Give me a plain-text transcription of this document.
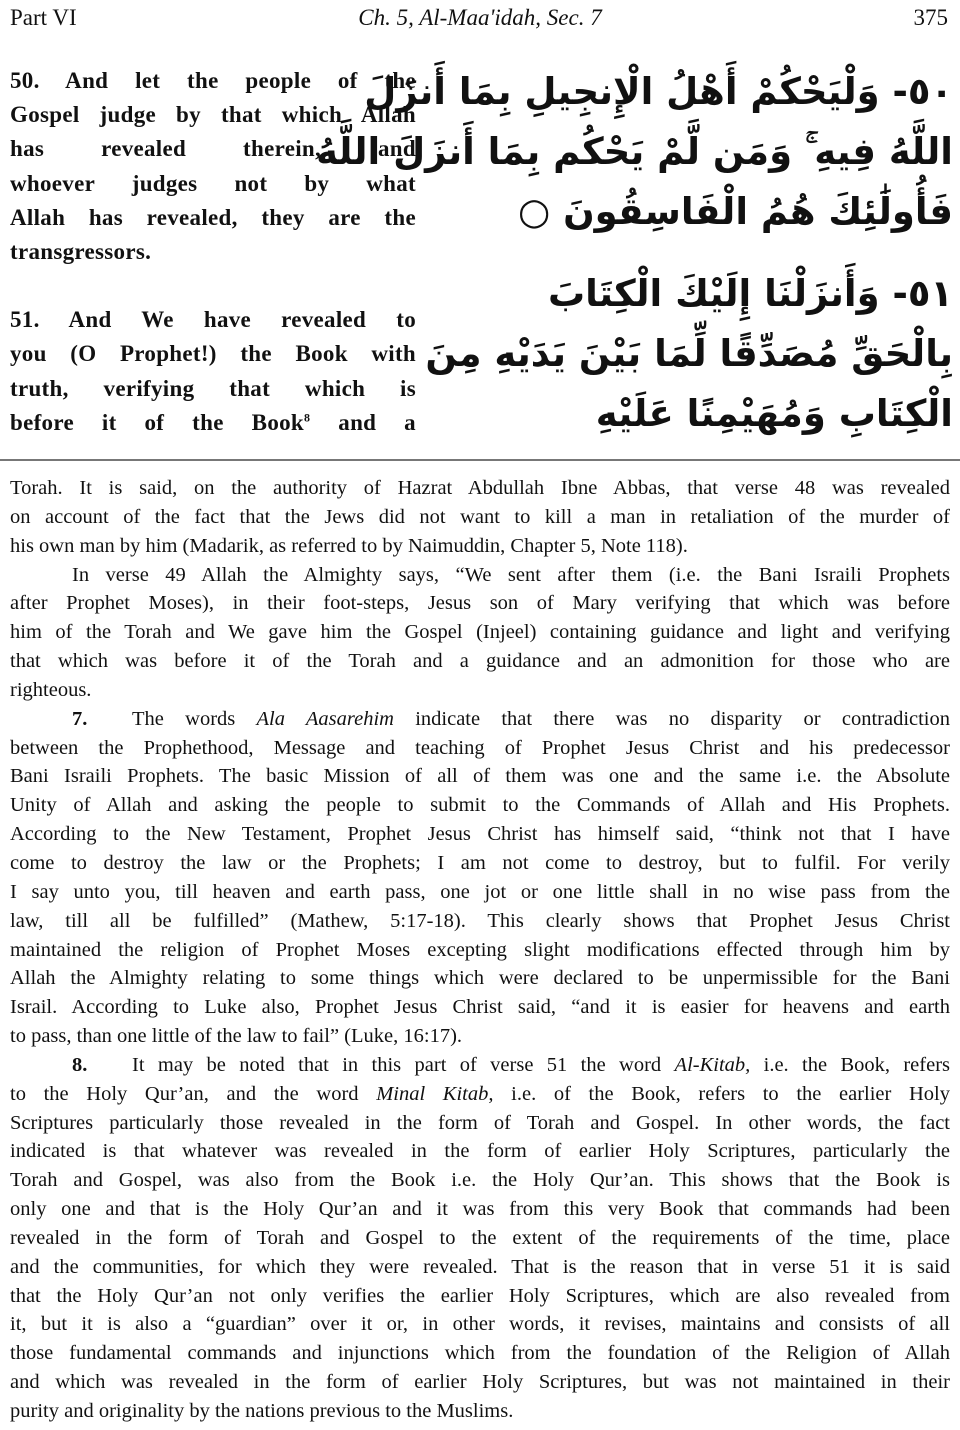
Ch. 5, Al-Maa'idah, Sec. 7
Part VI	375
50. And let the people of the
Gospel judge by that which Allah
has revealed therein, and
whoever judges not by what
Allah has revealed, they are the
transgressors.
51. And We have revealed to
you (O Prophet!) the Book with
truth, verifying that which is
before it of the Book$^8$ and a
٥٠- وَلْيَحْكُمْ أَهْلُ الْإِنجِيلِ بِمَا أَنزَلَ
اللَّهُ فِيهِ ۚ وَمَن لَّمْ يَحْكُم بِمَا أَنزَلَ اللَّهُ
فَأُولَٰئِكَ هُمُ الْفَاسِقُونَ ○
٥١- وَأَنزَلْنَا إِلَيْكَ الْكِتَابَ
بِالْحَقِّ مُصَدِّقًا لِّمَا بَيْنَ يَدَيْهِ مِنَ
الْكِتَابِ وَمُهَيْمِنًا عَلَيْهِ
Torah. It is said, on the authority of Hazrat Abdullah Ibne Abbas, that verse 48 was revealed
on account of the fact that the Jews did not want to kill a man in retaliation of the murder of
his own man by him (Madarik, as referred to by Naimuddin, Chapter 5, Note 118).
In verse 49 Allah the Almighty says, “We sent after them (i.e. the Bani Israili Prophets
after Prophet Moses), in their foot-steps, Jesus son of Mary verifying that which was before
him of the Torah and We gave him the Gospel (Injeel) containing guidance and light and verifying
that which was before it of the Torah and a guidance and an admonition for those who are
righteous.
7. The words Ala Aasarehim indicate that there was no disparity or contradiction
between the Prophethood, Message and teaching of Prophet Jesus Christ and his predecessor
Bani Israili Prophets. The basic Mission of all of them was one and the same i.e. the Absolute
Unity of Allah and asking the people to submit to the Commands of Allah and His Prophets.
According to the New Testament, Prophet Jesus Christ has himself said, “think not that I have
come to destroy the law or the Prophets; I am not come to destroy, but to fulfil. For verily
I say unto you, till heaven and earth pass, one jot or one little shall in no wise pass from the
law, till all be fulfilled” (Mathew, 5:17-18). This clearly shows that Prophet Jesus Christ
maintained the religion of Prophet Moses excepting slight modifications effected through him by
Allah the Almighty relating to some things which were declared to be unpermissible for the Bani
Israil. According to Luke also, Prophet Jesus Christ said, “and it is easier for heavens and earth
to pass, than one little of the law to fail” (Luke, 16:17).
8. It may be noted that in this part of verse 51 the word Al-Kitab, i.e. the Book, refers
to the Holy Qur’an, and the word Minal Kitab, i.e. of the Book, refers to the earlier Holy
Scriptures particularly those revealed in the form of Torah and Gospel. In other words, the fact
indicated is that whatever was revealed in the form of earlier Holy Scriptures, particularly the
Torah and Gospel, was also from the Book i.e. the Holy Qur’an. This shows that the Book is
only one and that is the Holy Qur’an and it was from this very Book that commands had been
revealed in the form of Torah and Gospel to the extent of the requirements of the time, place
and the communities, for which they were revealed. That is the reason that in verse 51 it is said
that the Holy Qur’an not only verifies the earlier Holy Scriptures, which are also revealed from
it, but it is also a “guardian” over it or, in other words, it revises, maintains and consists of all
those fundamental commands and injunctions which from the foundation of the Religion of Allah
and which was revealed in the form of earlier Holy Scriptures, but was not maintained in their
purity and originality by the nations previous to the Muslims.
